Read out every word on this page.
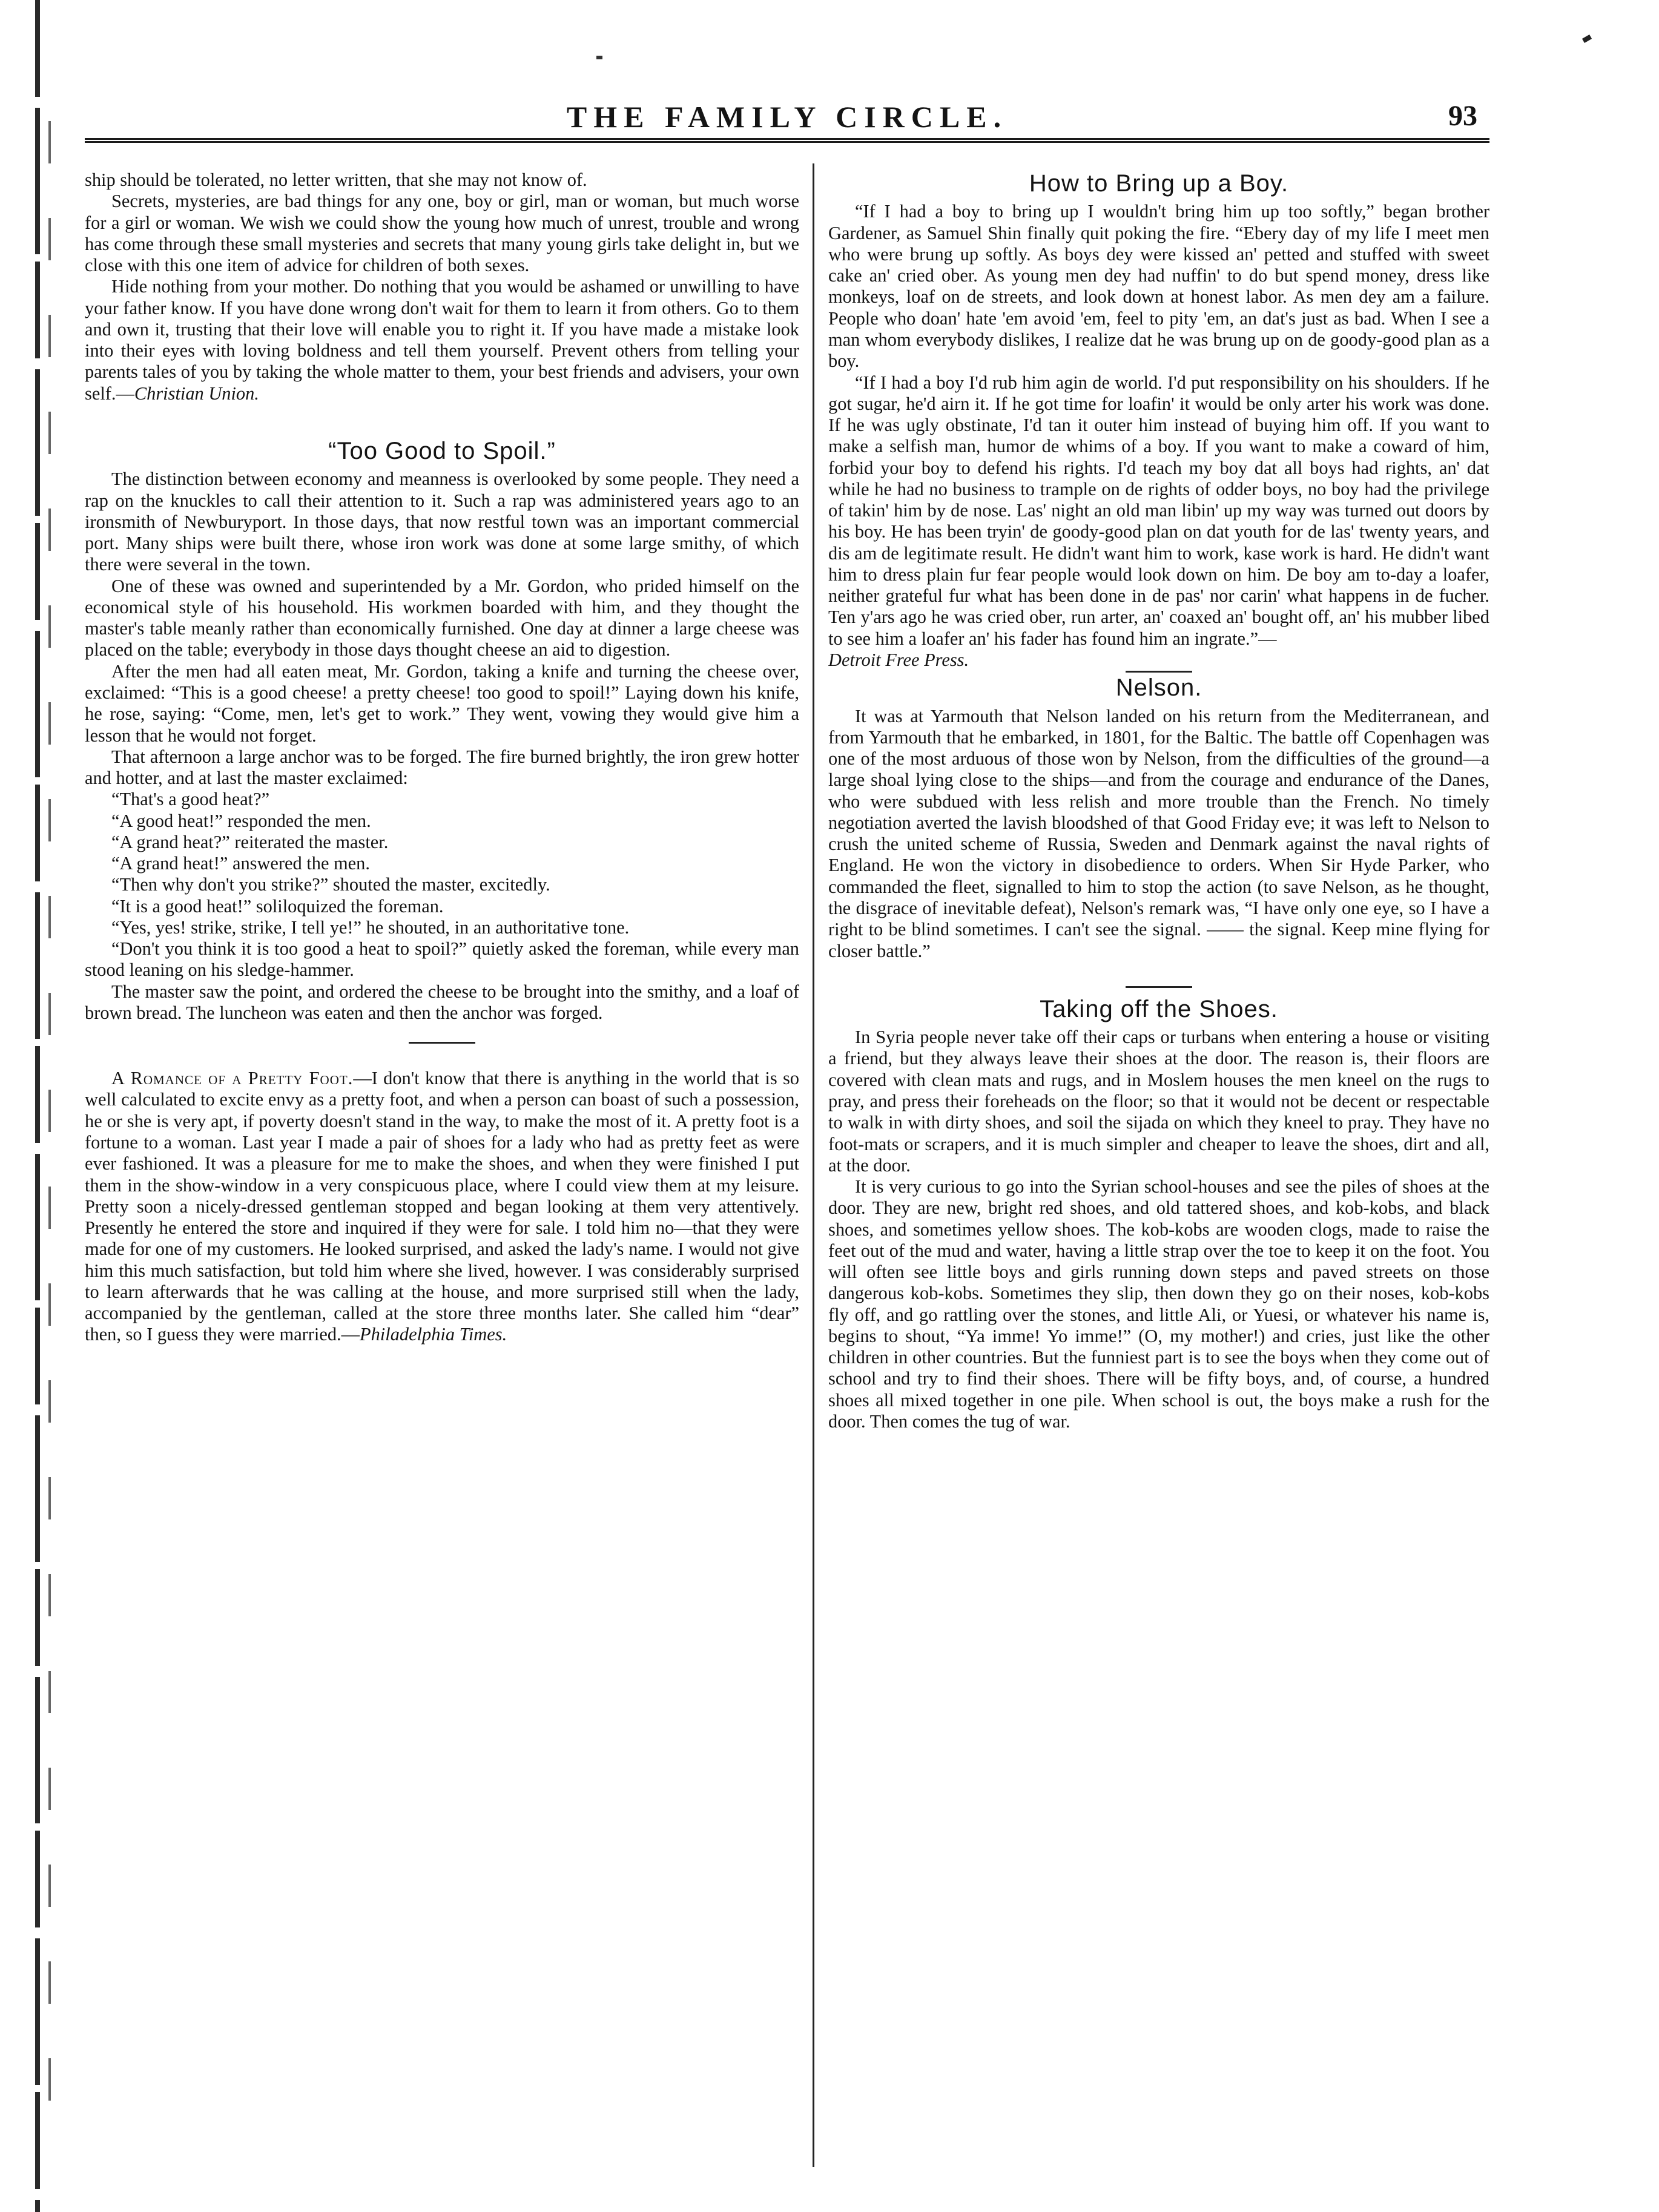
THE FAMILY CIRCLE.	93

ship should be tolerated, no letter written, that she may not know of.

Secrets, mysteries, are bad things for any one, boy or girl, man or woman, but much worse for a girl or woman. We wish we could show the young how much of unrest, trouble and wrong has come through these small mysteries and secrets that many young girls take delight in, but we close with this one item of advice for children of both sexes.

Hide nothing from your mother. Do nothing that you would be ashamed or unwilling to have your father know. If you have done wrong don't wait for them to learn it from others. Go to them and own it, trusting that their love will enable you to right it. If you have made a mistake look into their eyes with loving boldness and tell them yourself. Prevent others from telling your parents tales of you by taking the whole matter to them, your best friends and advisers, your own self.—Christian Union.

“Too Good to Spoil.”

The distinction between economy and meanness is overlooked by some people. They need a rap on the knuckles to call their attention to it. Such a rap was administered years ago to an ironsmith of Newburyport. In those days, that now restful town was an important commercial port. Many ships were built there, whose iron work was done at some large smithy, of which there were several in the town.

One of these was owned and superintended by a Mr. Gordon, who prided himself on the economical style of his household. His workmen boarded with him, and they thought the master's table meanly rather than economically furnished. One day at dinner a large cheese was placed on the table; everybody in those days thought cheese an aid to digestion.

After the men had all eaten meat, Mr. Gordon, taking a knife and turning the cheese over, exclaimed: “This is a good cheese! a pretty cheese! too good to spoil!” Laying down his knife, he rose, saying: “Come, men, let's get to work.” They went, vowing they would give him a lesson that he would not forget.

That afternoon a large anchor was to be forged. The fire burned brightly, the iron grew hotter and hotter, and at last the master exclaimed:

“That's a good heat?”

“A good heat!” responded the men.

“A grand heat?” reiterated the master.

“A grand heat!” answered the men.

“Then why don't you strike?” shouted the master, excitedly.

“It is a good heat!” soliloquized the foreman.

“Yes, yes! strike, strike, I tell ye!” he shouted, in an authoritative tone.

“Don't you think it is too good a heat to spoil?” quietly asked the foreman, while every man stood leaning on his sledge-hammer.

The master saw the point, and ordered the cheese to be brought into the smithy, and a loaf of brown bread. The luncheon was eaten and then the anchor was forged.

A Romance of a Pretty Foot.—I don't know that there is anything in the world that is so well calculated to excite envy as a pretty foot, and when a person can boast of such a possession, he or she is very apt, if poverty doesn't stand in the way, to make the most of it. A pretty foot is a fortune to a woman. Last year I made a pair of shoes for a lady who had as pretty feet as were ever fashioned. It was a pleasure for me to make the shoes, and when they were finished I put them in the show-window in a very conspicuous place, where I could view them at my leisure. Pretty soon a nicely-dressed gentleman stopped and began looking at them very attentively. Presently he entered the store and inquired if they were for sale. I told him no—that they were made for one of my customers. He looked surprised, and asked the lady's name. I would not give him this much satisfaction, but told him where she lived, however. I was considerably surprised to learn afterwards that he was calling at the house, and more surprised still when the lady, accompanied by the gentleman, called at the store three months later. She called him “dear” then, so I guess they were married.—Philadelphia Times.

How to Bring up a Boy.

“If I had a boy to bring up I wouldn't bring him up too softly,” began brother Gardener, as Samuel Shin finally quit poking the fire. “Ebery day of my life I meet men who were brung up softly. As boys dey were kissed an' petted and stuffed with sweet cake an' cried ober. As young men dey had nuffin' to do but spend money, dress like monkeys, loaf on de streets, and look down at honest labor. As men dey am a failure. People who doan' hate 'em avoid 'em, feel to pity 'em, an dat's just as bad. When I see a man whom everybody dislikes, I realize dat he was brung up on de goody-good plan as a boy.

“If I had a boy I'd rub him agin de world. I'd put responsibility on his shoulders. If he got sugar, he'd airn it. If he got time for loafin' it would be only arter his work was done. If he was ugly obstinate, I'd tan it outer him instead of buying him off. If you want to make a selfish man, humor de whims of a boy. If you want to make a coward of him, forbid your boy to defend his rights. I'd teach my boy dat all boys had rights, an' dat while he had no business to trample on de rights of odder boys, no boy had the privilege of takin' him by de nose. Las' night an old man libin' up my way was turned out doors by his boy. He has been tryin' de goody-good plan on dat youth for de las' twenty years, and dis am de legitimate result. He didn't want him to work, kase work is hard. He didn't want him to dress plain fur fear people would look down on him. De boy am to-day a loafer, neither grateful fur what has been done in de pas' nor carin' what happens in de fucher. Ten y'ars ago he was cried ober, run arter, an' coaxed an' bought off, an' his mubber libed to see him a loafer an' his fader has found him an ingrate.”—

Detroit Free Press.

Nelson.

It was at Yarmouth that Nelson landed on his return from the Mediterranean, and from Yarmouth that he embarked, in 1801, for the Baltic. The battle off Copenhagen was one of the most arduous of those won by Nelson, from the difficulties of the ground—a large shoal lying close to the ships—and from the courage and endurance of the Danes, who were subdued with less relish and more trouble than the French. No timely negotiation averted the lavish bloodshed of that Good Friday eve; it was left to Nelson to crush the united scheme of Russia, Sweden and Denmark against the naval rights of England. He won the victory in disobedience to orders. When Sir Hyde Parker, who commanded the fleet, signalled to him to stop the action (to save Nelson, as he thought, the disgrace of inevitable defeat), Nelson's remark was, “I have only one eye, so I have a right to be blind sometimes. I can't see the signal. —— the signal. Keep mine flying for closer battle.”

Taking off the Shoes.

In Syria people never take off their caps or turbans when entering a house or visiting a friend, but they always leave their shoes at the door. The reason is, their floors are covered with clean mats and rugs, and in Moslem houses the men kneel on the rugs to pray, and press their foreheads on the floor; so that it would not be decent or respectable to walk in with dirty shoes, and soil the sijada on which they kneel to pray. They have no foot-mats or scrapers, and it is much simpler and cheaper to leave the shoes, dirt and all, at the door.

It is very curious to go into the Syrian school-houses and see the piles of shoes at the door. They are new, bright red shoes, and old tattered shoes, and kob-kobs, and black shoes, and sometimes yellow shoes. The kob-kobs are wooden clogs, made to raise the feet out of the mud and water, having a little strap over the toe to keep it on the foot. You will often see little boys and girls running down steps and paved streets on those dangerous kob-kobs. Sometimes they slip, then down they go on their noses, kob-kobs fly off, and go rattling over the stones, and little Ali, or Yuesi, or whatever his name is, begins to shout, “Ya imme! Yo imme!” (O, my mother!) and cries, just like the other children in other countries. But the funniest part is to see the boys when they come out of school and try to find their shoes. There will be fifty boys, and, of course, a hundred shoes all mixed together in one pile. When school is out, the boys make a rush for the door. Then comes the tug of war.
